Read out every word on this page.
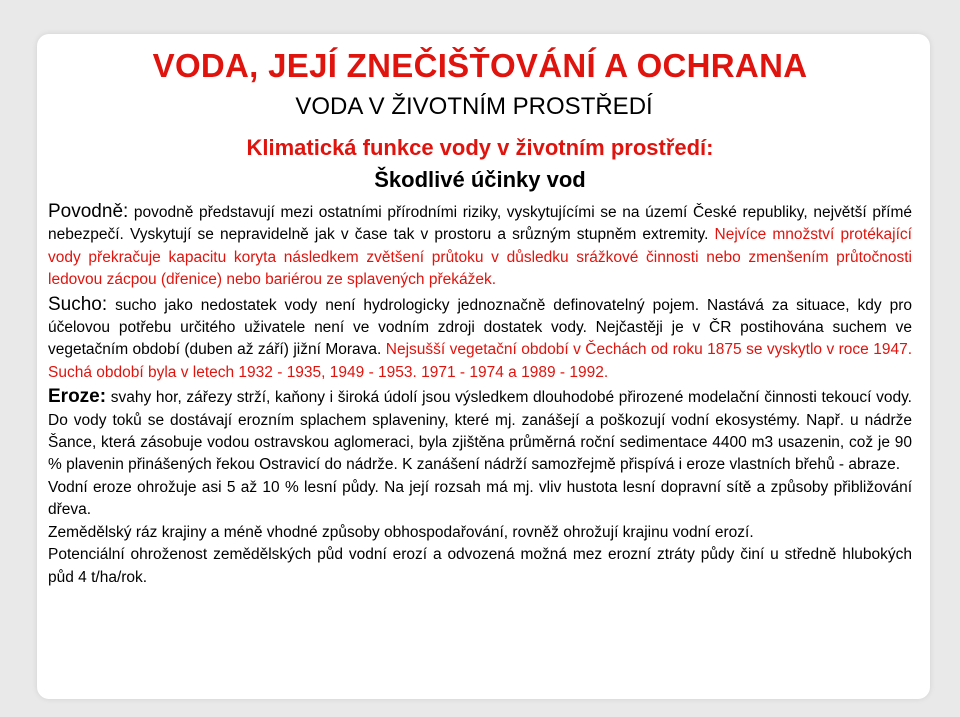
VODA, JEJÍ ZNEČIŠŤOVÁNÍ A OCHRANA
VODA V ŽIVOTNÍM PROSTŘEDÍ
Klimatická funkce vody v životním prostředí:
Škodlivé účinky vod

Povodně: povodně představují mezi ostatními přírodními riziky, vyskytujícími se na území České republiky, největší přímé nebezpečí. Vyskytují se nepravidelně jak v čase tak v prostoru a srůzným stupněm extremity. Nejvíce množství protékající vody překračuje kapacitu koryta následkem zvětšení průtoku v důsledku srážkové činnosti nebo zmenšením průtočnosti ledovou zácpou (dřenice) nebo bariérou ze splavených překážek.

Sucho: sucho jako nedostatek vody není hydrologicky jednoznačně definovatelný pojem. Nastává za situace, kdy pro účelovou potřebu určitého uživatele není ve vodním zdroji dostatek vody. Nejčastěji je v ČR postihována suchem ve vegetačním období (duben až září) jižní Morava. Nejsušší vegetační období v Čechách od roku 1875 se vyskytlo v roce 1947. Suchá období byla v letech 1932 - 1935, 1949 - 1953. 1971 - 1974 a 1989 - 1992.

Eroze: svahy hor, zářezy strží, kaňony i široká údolí jsou výsledkem dlouhodobé přirozené modelační činnosti tekoucí vody. Do vody toků se dostávají erozním splachem splaveniny, které mj. zanášejí a poškozují vodní ekosystémy. Např. u nádrže Šance, která zásobuje vodou ostravskou aglomeraci, byla zjištěna průměrná roční sedimentace 4400 m3 usazenin, což je 90 % plavenin přinášených řekou Ostravicí do nádrže. K zanášení nádrží samozřejmě přispívá i eroze vlastních břehů - abraze.

Vodní eroze ohrožuje asi 5 až 10 % lesní půdy. Na její rozsah má mj. vliv hustota lesní dopravní sítě a způsoby přibližování dřeva.

Zemědělský ráz krajiny a méně vhodné způsoby obhospodařování, rovněž ohrožují krajinu vodní erozí.

Potenciální ohroženost zemědělských půd vodní erozí a odvozená možná mez erozní ztráty půdy činí u středně hlubokých půd 4 t/ha/rok.
